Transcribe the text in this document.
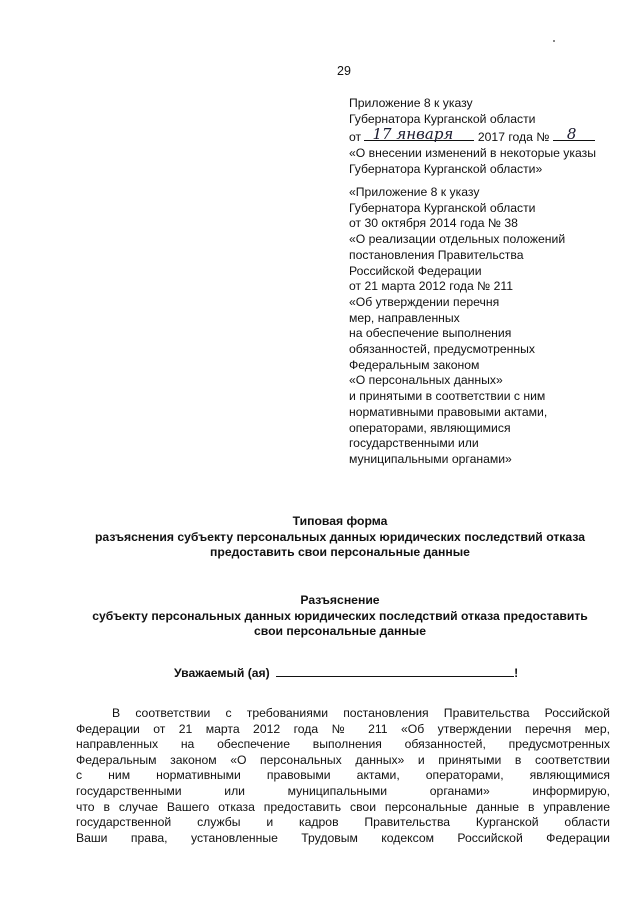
29
Приложение 8 к указу
Губернатора Курганской области
от 17 января 2017 года № 8
«О внесении изменений в некоторые указы
Губернатора Курганской области»
«Приложение 8 к указу
Губернатора Курганской области
от 30 октября 2014 года № 38
«О реализации отдельных положений
постановления Правительства
Российской Федерации
от 21 марта 2012 года № 211
«Об утверждении перечня
мер, направленных
на обеспечение выполнения
обязанностей, предусмотренных
Федеральным законом
«О персональных данных»
и принятыми в соответствии с ним
нормативными правовыми актами,
операторами, являющимися
государственными или
муниципальными органами»
Типовая форма
разъяснения субъекту персональных данных юридических последствий отказа
предоставить свои персональные данные
Разъяснение
субъекту персональных данных юридических последствий отказа предоставить
свои персональные данные
Уважаемый (ая)	!
В соответствии с требованиями постановления Правительства Российской
Федерации от 21 марта 2012 года № 211 «Об утверждении перечня мер,
направленных на обеспечение выполнения обязанностей, предусмотренных
Федеральным законом «О персональных данных» и принятыми в соответствии
с ним нормативными правовыми актами, операторами, являющимися
государственными или муниципальными органами» информирую,
что в случае Вашего отказа предоставить свои персональные данные в управление
государственной службы и кадров Правительства Курганской области
Ваши права, установленные Трудовым кодексом Российской Федерации
